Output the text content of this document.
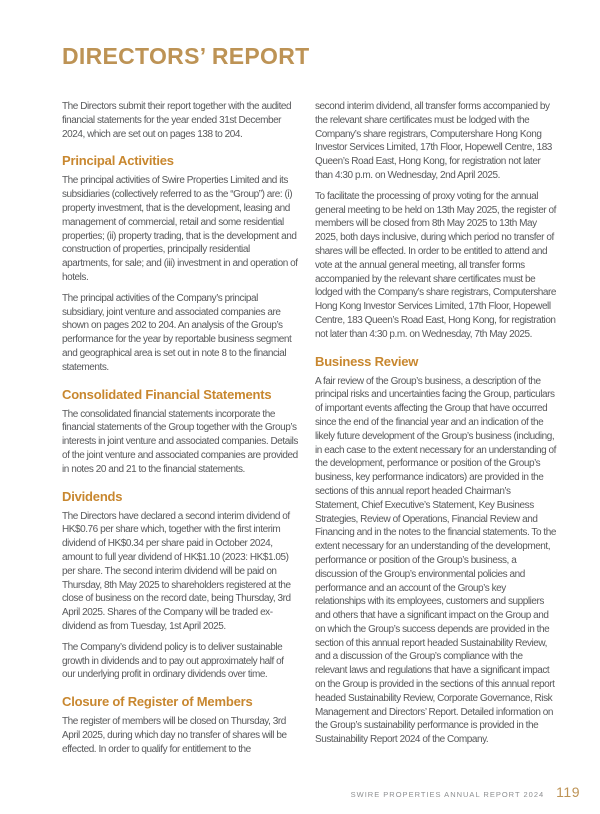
DIRECTORS’ REPORT

The Directors submit their report together with the audited financial statements for the year ended 31st December 2024, which are set out on pages 138 to 204.

Principal Activities

The principal activities of Swire Properties Limited and its subsidiaries (collectively referred to as the “Group”) are: (i) property investment, that is the development, leasing and management of commercial, retail and some residential properties; (ii) property trading, that is the development and construction of properties, principally residential apartments, for sale; and (iii) investment in and operation of hotels.

The principal activities of the Company’s principal subsidiary, joint venture and associated companies are shown on pages 202 to 204. An analysis of the Group’s performance for the year by reportable business segment and geographical area is set out in note 8 to the financial statements.

Consolidated Financial Statements

The consolidated financial statements incorporate the financial statements of the Group together with the Group’s interests in joint venture and associated companies. Details of the joint venture and associated companies are provided in notes 20 and 21 to the financial statements.

Dividends

The Directors have declared a second interim dividend of HK$0.76 per share which, together with the first interim dividend of HK$0.34 per share paid in October 2024, amount to full year dividend of HK$1.10 (2023: HK$1.05) per share. The second interim dividend will be paid on Thursday, 8th May 2025 to shareholders registered at the close of business on the record date, being Thursday, 3rd April 2025. Shares of the Company will be traded ex-dividend as from Tuesday, 1st April 2025.

The Company’s dividend policy is to deliver sustainable growth in dividends and to pay out approximately half of our underlying profit in ordinary dividends over time.

Closure of Register of Members

The register of members will be closed on Thursday, 3rd April 2025, during which day no transfer of shares will be effected. In order to qualify for entitlement to the

second interim dividend, all transfer forms accompanied by the relevant share certificates must be lodged with the Company’s share registrars, Computershare Hong Kong Investor Services Limited, 17th Floor, Hopewell Centre, 183 Queen’s Road East, Hong Kong, for registration not later than 4:30 p.m. on Wednesday, 2nd April 2025.

To facilitate the processing of proxy voting for the annual general meeting to be held on 13th May 2025, the register of members will be closed from 8th May 2025 to 13th May 2025, both days inclusive, during which period no transfer of shares will be effected. In order to be entitled to attend and vote at the annual general meeting, all transfer forms accompanied by the relevant share certificates must be lodged with the Company’s share registrars, Computershare Hong Kong Investor Services Limited, 17th Floor, Hopewell Centre, 183 Queen’s Road East, Hong Kong, for registration not later than 4:30 p.m. on Wednesday, 7th May 2025.

Business Review

A fair review of the Group’s business, a description of the principal risks and uncertainties facing the Group, particulars of important events affecting the Group that have occurred since the end of the financial year and an indication of the likely future development of the Group’s business (including, in each case to the extent necessary for an understanding of the development, performance or position of the Group’s business, key performance indicators) are provided in the sections of this annual report headed Chairman’s Statement, Chief Executive’s Statement, Key Business Strategies, Review of Operations, Financial Review and Financing and in the notes to the financial statements. To the extent necessary for an understanding of the development, performance or position of the Group’s business, a discussion of the Group’s environmental policies and performance and an account of the Group’s key relationships with its employees, customers and suppliers and others that have a significant impact on the Group and on which the Group’s success depends are provided in the section of this annual report headed Sustainability Review, and a discussion of the Group’s compliance with the relevant laws and regulations that have a significant impact on the Group is provided in the sections of this annual report headed Sustainability Review, Corporate Governance, Risk Management and Directors’ Report. Detailed information on the Group’s sustainability performance is provided in the Sustainability Report 2024 of the Company.

SWIRE PROPERTIES ANNUAL REPORT 2024 119
